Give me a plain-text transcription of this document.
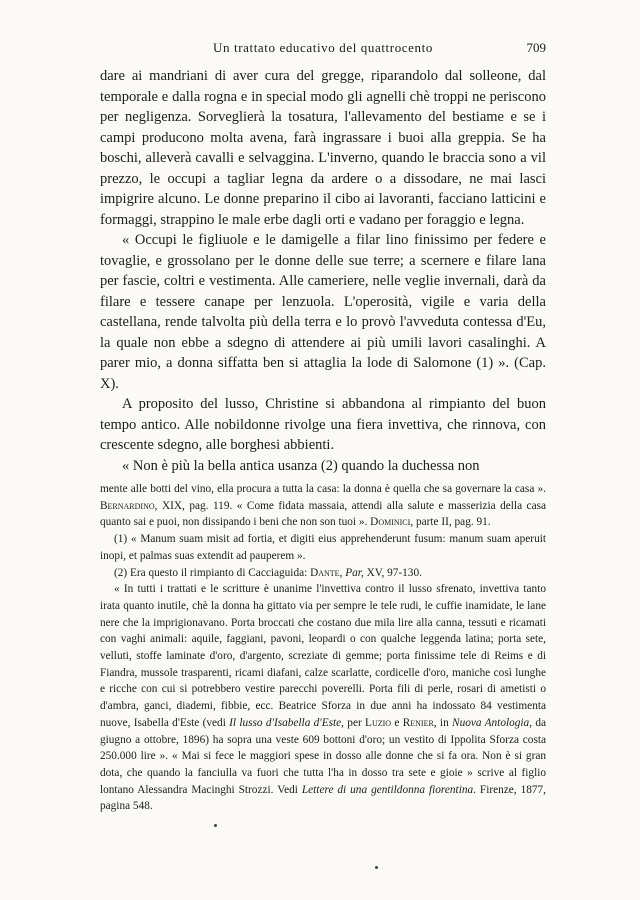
Un trattato educativo del quattrocento	709

dare ai mandriani di aver cura del gregge, riparandolo dal solleone, dal temporale e dalla rogna e in special modo gli agnelli chè troppi ne periscono per negligenza. Sorveglierà la tosatura, l'allevamento del bestiame e se i campi producono molta avena, farà ingrassare i buoi alla greppia. Se ha boschi, alleverà cavalli e selvaggina. L'inverno, quando le braccia sono a vil prezzo, le occupi a tagliar legna da ardere o a dissodare, ne mai lasci impigrire alcuno. Le donne preparino il cibo ai lavoranti, facciano latticini e formaggi, strappino le male erbe dagli orti e vadano per foraggio e legna.

« Occupi le figliuole e le damigelle a filar lino finissimo per federe e tovaglie, e grossolano per le donne delle sue terre; a scernere e filare lana per fascie, coltri e vestimenta. Alle cameriere, nelle veglie invernali, darà da filare e tessere canape per lenzuola. L'operosità, vigile e varia della castellana, rende talvolta più della terra e lo provò l'avveduta contessa d'Eu, la quale non ebbe a sdegno di attendere ai più umili lavori casalinghi. A parer mio, a donna siffatta ben si attaglia la lode di Salomone (1) ». (Cap. X).

A proposito del lusso, Christine si abbandona al rimpianto del buon tempo antico. Alle nobildonne rivolge una fiera invettiva, che rinnova, con crescente sdegno, alle borghesi abbienti.

« Non è più la bella antica usanza (2) quando la duchessa non

mente alle botti del vino, ella procura a tutta la casa: la donna è quella che sa governare la casa ». Bernardino, XIX, pag. 119. « Come fidata massaia, attendi alla salute e masserizia della casa quanto sai e puoi, non dissipando i beni che non son tuoi ». Dominici, parte II, pag. 91.

(1) « Manum suam misit ad fortia, et digiti eius apprehenderunt fusum: manum suam aperuit inopi, et palmas suas extendit ad pauperem ».

(2) Era questo il rimpianto di Cacciaguida: Dante, Par, XV, 97-130.

« In tutti i trattati e le scritture è unanime l'invettiva contro il lusso sfrenato, invettiva tanto irata quanto inutile, chè la donna ha gittato via per sempre le tele rudi, le cuffie inamidate, le lane nere che la imprigionavano. Porta broccati che costano due mila lire alla canna, tessuti e ricamati con vaghi animali: aquile, faggiani, pavoni, leopardi o con qualche leggenda latina; porta sete, velluti, stoffe laminate d'oro, d'argento, screziate di gemme; porta finissime tele di Reims e di Fiandra, mussole trasparenti, ricami diafani, calze scarlatte, cordicelle d'oro, maniche così lunghe e ricche con cui si potrebbero vestire parecchi poverelli. Porta fili di perle, rosari di ametisti o d'ambra, ganci, diademi, fibbie, ecc. Beatrice Sforza in due anni ha indossato 84 vestimenta nuove, Isabella d'Este (vedi Il lusso d'Isabella d'Este, per Luzio e Renier, in Nuova Antologia, da giugno a ottobre, 1896) ha sopra una veste 609 bottoni d'oro; un vestito di Ippolita Sforza costa 250.000 lire ». « Mai si fece le maggiori spese in dosso alle donne che si fa ora. Non è si gran dota, che quando la fanciulla va fuori che tutta l'ha in dosso tra sete e gioie » scrive al figlio lontano Alessandra Macinghi Strozzi. Vedi Lettere di una gentildonna fiorentina. Firenze, 1877, pagina 548.
